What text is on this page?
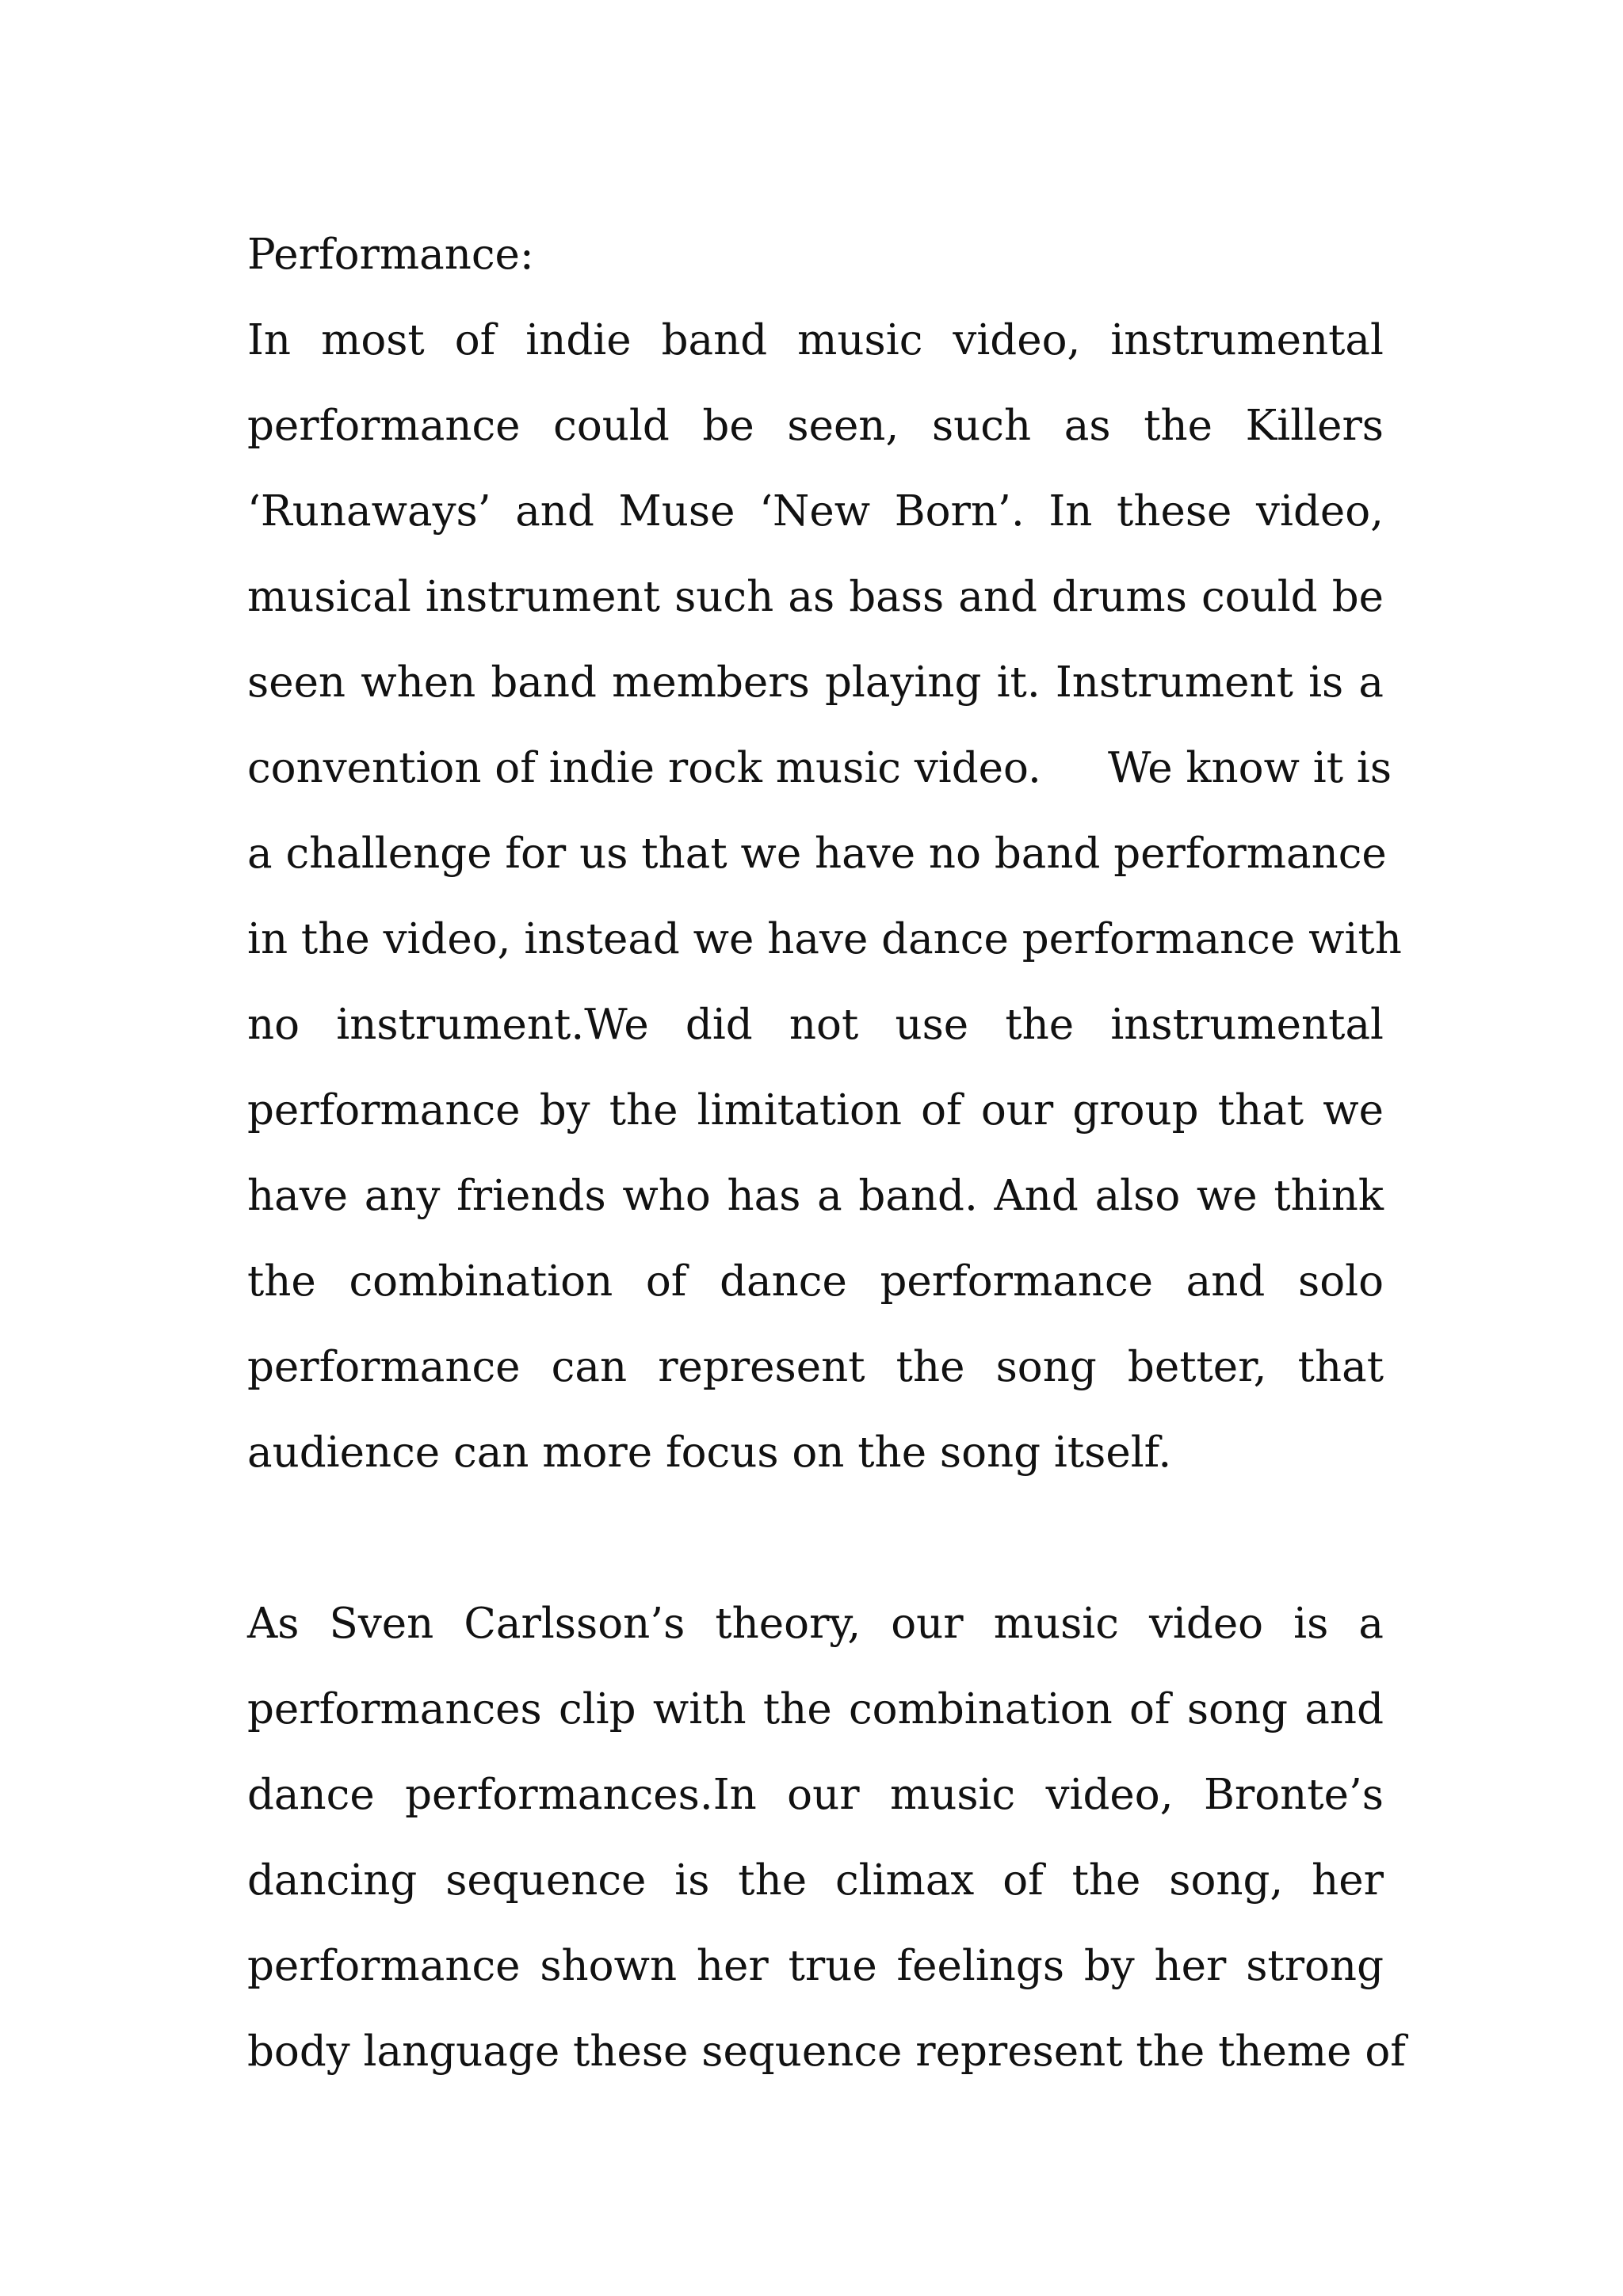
Performance:
In most of indie band music video, instrumental
performance could be seen, such as the Killers
‘Runaways’ and Muse ‘New Born’. In these video,
musical instrument such as bass and drums could be
seen when band members playing it. Instrument is a
convention of indie rock music video.     We know it is
a challenge for us that we have no band performance
in the video, instead we have dance performance with
no instrument.We did not use the instrumental
performance by the limitation of our group that we
have any friends who has a band. And also we think
the combination of dance performance and solo
performance can represent the song better, that
audience can more focus on the song itself.
As Sven Carlsson’s theory, our music video is a
performances clip with the combination of song and
dance performances.In our music video, Bronte’s
dancing sequence is the climax of the song, her
performance shown her true feelings by her strong
body language these sequence represent the theme of
